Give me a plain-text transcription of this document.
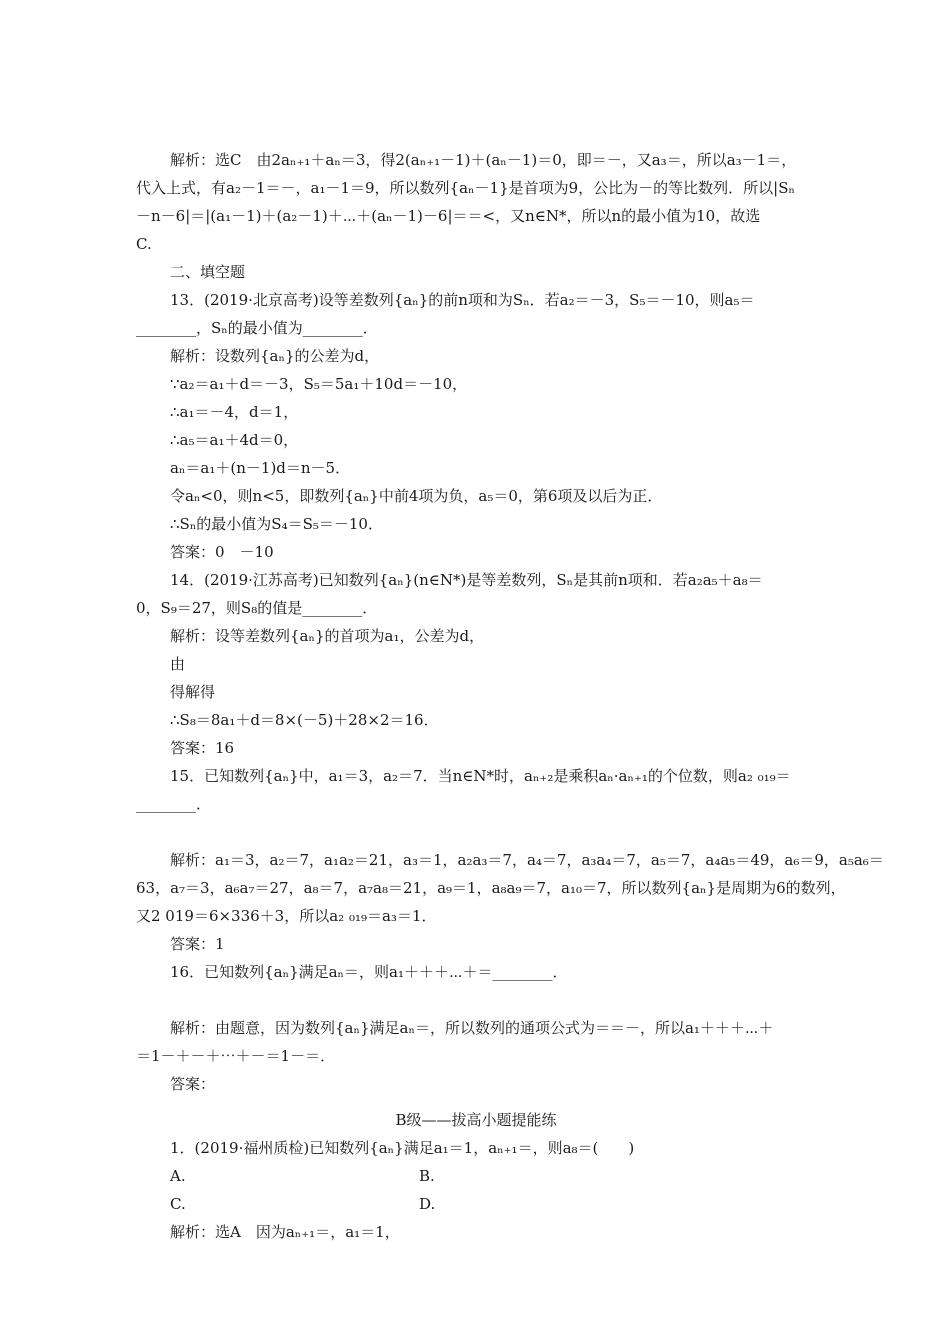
解析：选C　由2aₙ₊₁＋aₙ＝3，得2(aₙ₊₁－1)＋(aₙ－1)＝0，即＝－，又a₃＝，所以a₃－1＝，

代入上式，有a₂－1＝－，a₁－1＝9，所以数列{aₙ－1}是首项为9，公比为－的等比数列．所以|Sₙ

－n－6|＝|(a₁－1)＋(a₂－1)＋⋯＋(aₙ－1)－6|＝＝<，又n∈N*，所以n的最小值为10，故选

C.

二、填空题

13．(2019·北京高考)设等差数列{aₙ}的前n项和为Sₙ．若a₂＝－3，S₅＝－10，则a₅＝

________，Sₙ的最小值为________．

解析：设数列{aₙ}的公差为d，

∵a₂＝a₁＋d＝－3，S₅＝5a₁＋10d＝－10，

∴a₁＝－4，d＝1，

∴a₅＝a₁＋4d＝0，

aₙ＝a₁＋(n－1)d＝n－5．

令aₙ<0，则n<5，即数列{aₙ}中前4项为负，a₅＝0，第6项及以后为正．

∴Sₙ的最小值为S₄＝S₅＝－10．

答案：0　－10

14．(2019·江苏高考)已知数列{aₙ}(n∈N*)是等差数列，Sₙ是其前n项和．若a₂a₅＋a₈＝

0，S₉＝27，则S₈的值是________．

解析：设等差数列{aₙ}的首项为a₁，公差为d，

由

得解得

∴S₈＝8a₁＋d＝8×(－5)＋28×2＝16．

答案：16

15．已知数列{aₙ}中，a₁＝3，a₂＝7．当n∈N*时，aₙ₊₂是乘积aₙ·aₙ₊₁的个位数，则a₂ ₀₁₉＝

________．

解析：a₁＝3，a₂＝7，a₁a₂＝21，a₃＝1，a₂a₃＝7，a₄＝7，a₃a₄＝7，a₅＝7，a₄a₅＝49，a₆＝9，a₅a₆＝

63，a₇＝3，a₆a₇＝27，a₈＝7，a₇a₈＝21，a₉＝1，a₈a₉＝7，a₁₀＝7，所以数列{aₙ}是周期为6的数列，

又2 019＝6×336＋3，所以a₂ ₀₁₉＝a₃＝1．

答案：1

16．已知数列{aₙ}满足aₙ＝，则a₁＋＋＋⋯＋＝________．

解析：由题意，因为数列{aₙ}满足aₙ＝，所以数列的通项公式为＝＝－，所以a₁＋＋＋⋯＋

＝1－＋－＋⋯＋－＝1－＝．

答案：

B级——拔高小题提能练

1．(2019·福州质检)已知数列{aₙ}满足a₁＝1，aₙ₊₁＝，则a₈＝(　　)

A.	B.

C.	D.

解析：选A　因为aₙ₊₁＝，a₁＝1，
